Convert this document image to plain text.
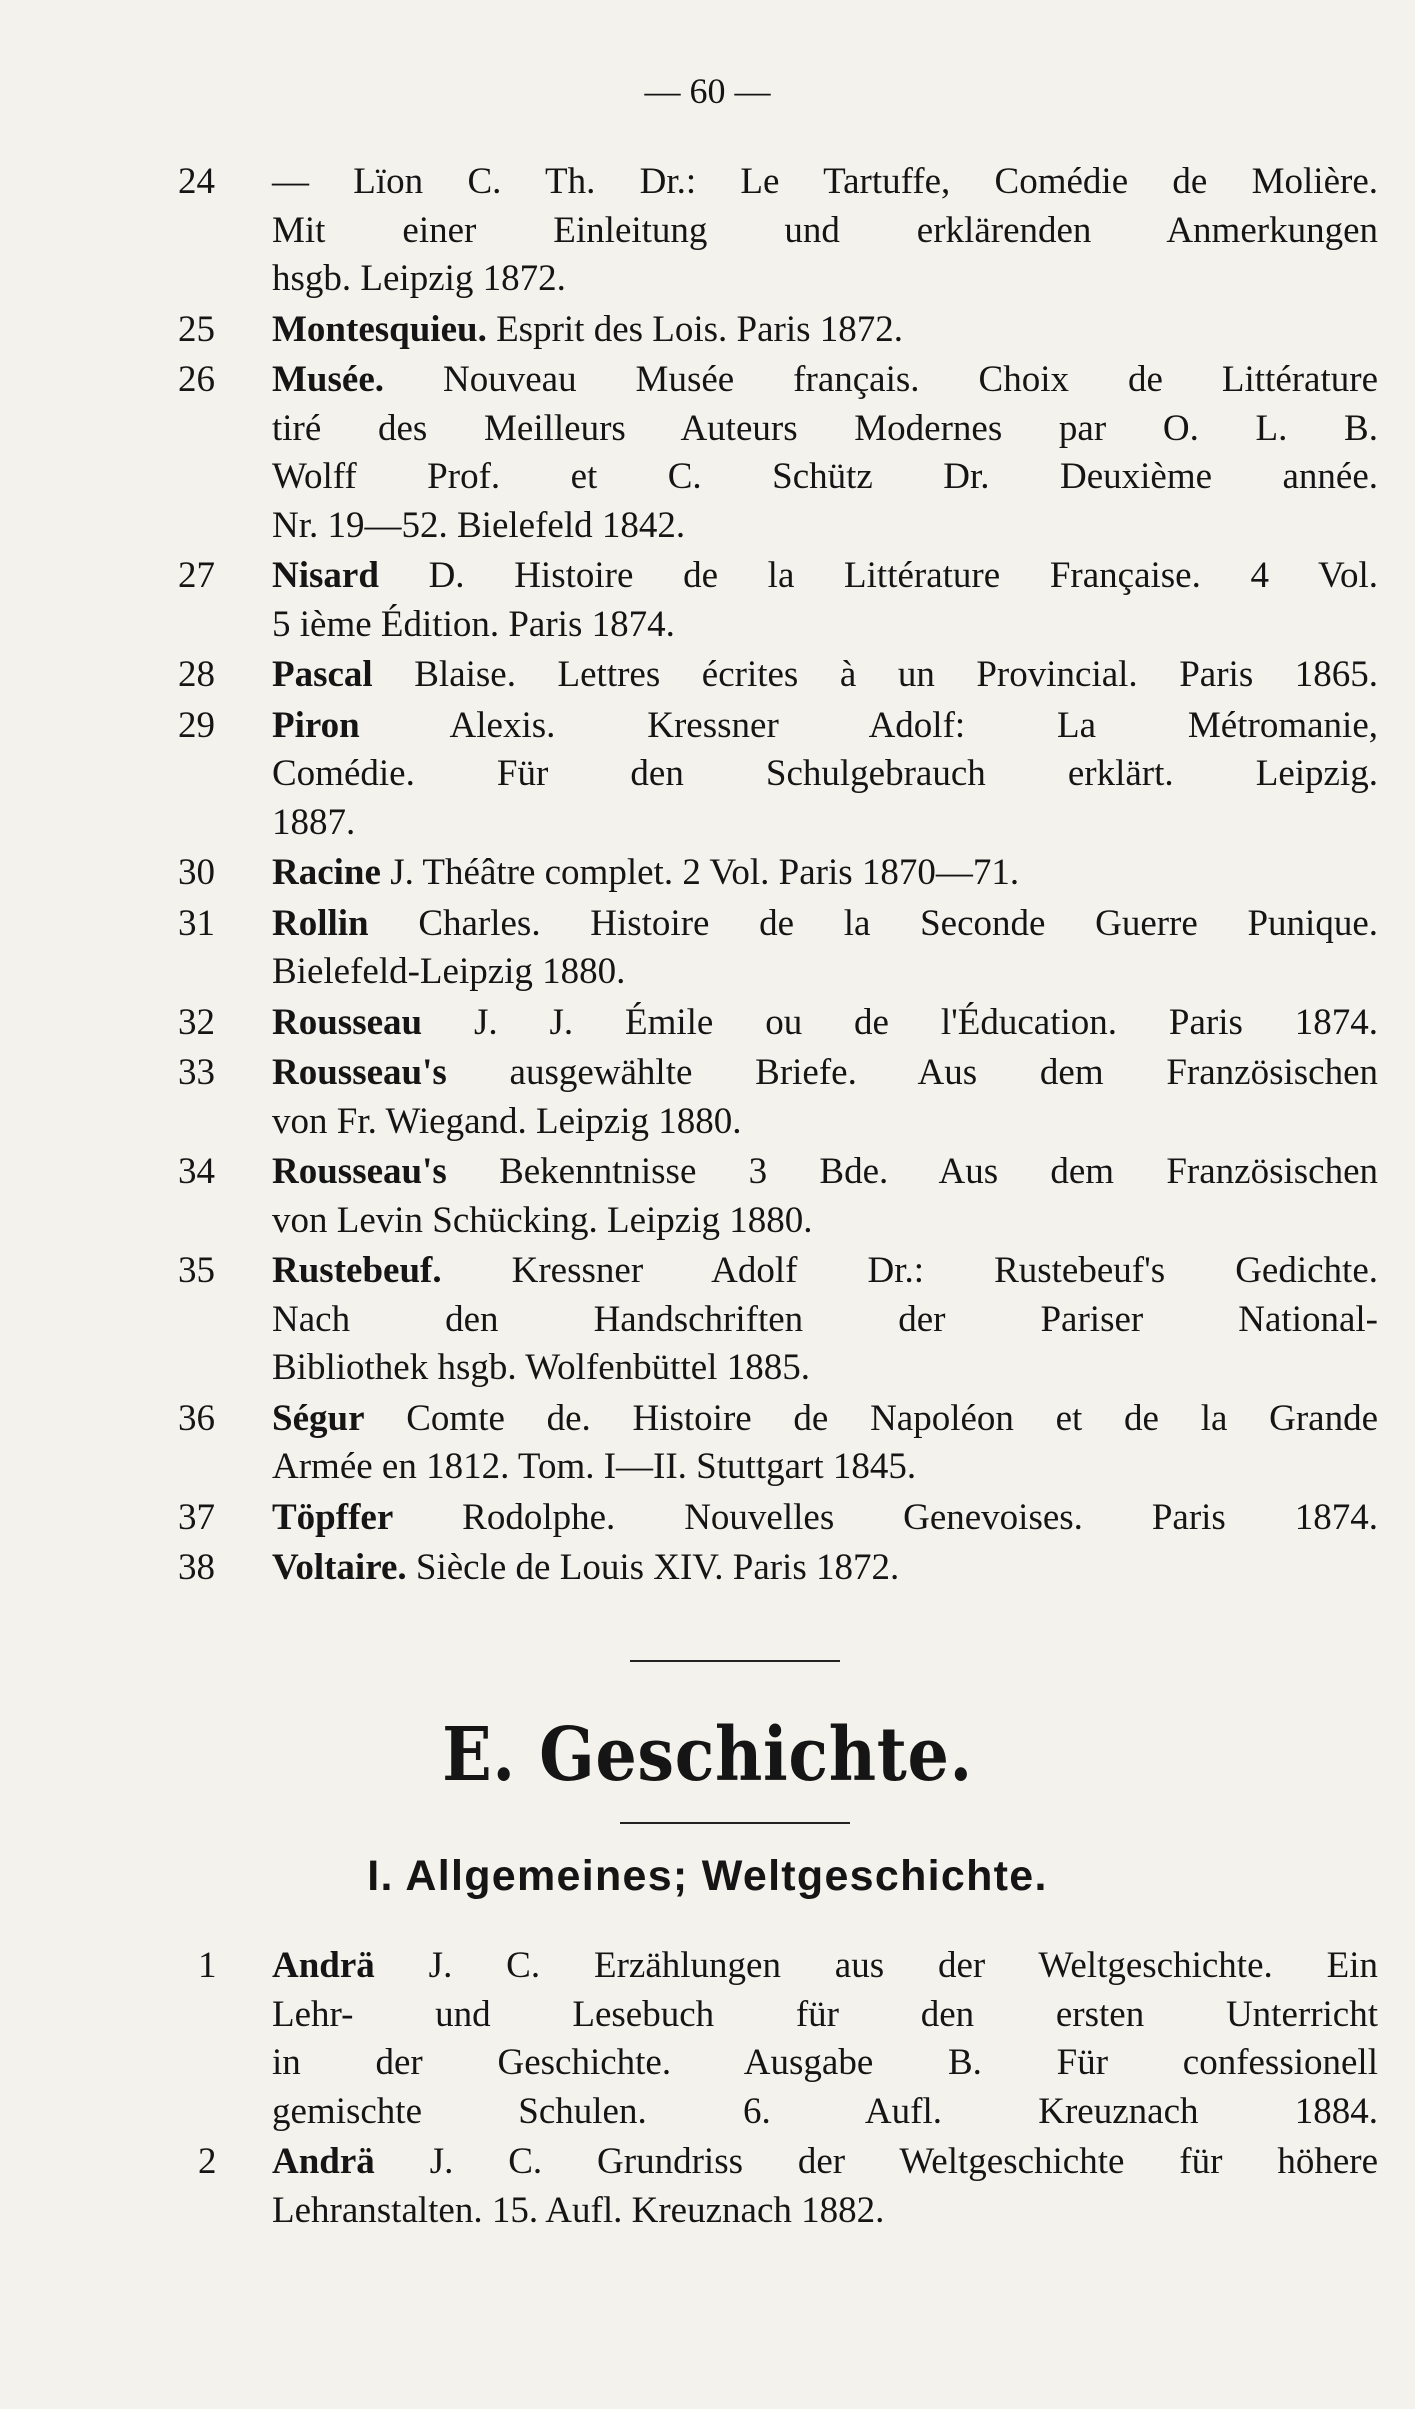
— 60 —
24	— Lïon C. Th. Dr.: Le Tartuffe, Comédie de Molière.
Mit einer Einleitung und erklärenden Anmerkungen
hsgb. Leipzig 1872.
25	Montesquieu. Esprit des Lois. Paris 1872.
26	Musée. Nouveau Musée français. Choix de Littérature
tiré des Meilleurs Auteurs Modernes par O. L. B.
Wolff Prof. et C. Schütz Dr. Deuxième année.
Nr. 19—52. Bielefeld 1842.
27	Nisard D. Histoire de la Littérature Française. 4 Vol.
5 ième Édition. Paris 1874.
28	Pascal Blaise. Lettres écrites à un Provincial. Paris 1865.
29	Piron Alexis. Kressner Adolf: La Métromanie,
Comédie. Für den Schulgebrauch erklärt. Leipzig.
1887.
30	Racine J. Théâtre complet. 2 Vol. Paris 1870—71.
31	Rollin Charles. Histoire de la Seconde Guerre Punique.
Bielefeld-Leipzig 1880.
32	Rousseau J. J. Émile ou de l'Éducation. Paris 1874.
33	Rousseau's ausgewählte Briefe. Aus dem Französischen
von Fr. Wiegand. Leipzig 1880.
34	Rousseau's Bekenntnisse 3 Bde. Aus dem Französischen
von Levin Schücking. Leipzig 1880.
35	Rustebeuf. Kressner Adolf Dr.: Rustebeuf's Gedichte.
Nach den Handschriften der Pariser National-
Bibliothek hsgb. Wolfenbüttel 1885.
36	Ségur Comte de. Histoire de Napoléon et de la Grande
Armée en 1812. Tom. I—II. Stuttgart 1845.
37	Töpffer Rodolphe. Nouvelles Genevoises. Paris 1874.
38	Voltaire. Siècle de Louis XIV. Paris 1872.
E. Geschichte.
I. Allgemeines; Weltgeschichte.
1	Andrä J. C. Erzählungen aus der Weltgeschichte. Ein
Lehr- und Lesebuch für den ersten Unterricht
in der Geschichte. Ausgabe B. Für confessionell
gemischte Schulen. 6. Aufl. Kreuznach 1884.
2	Andrä J. C. Grundriss der Weltgeschichte für höhere
Lehranstalten. 15. Aufl. Kreuznach 1882.
